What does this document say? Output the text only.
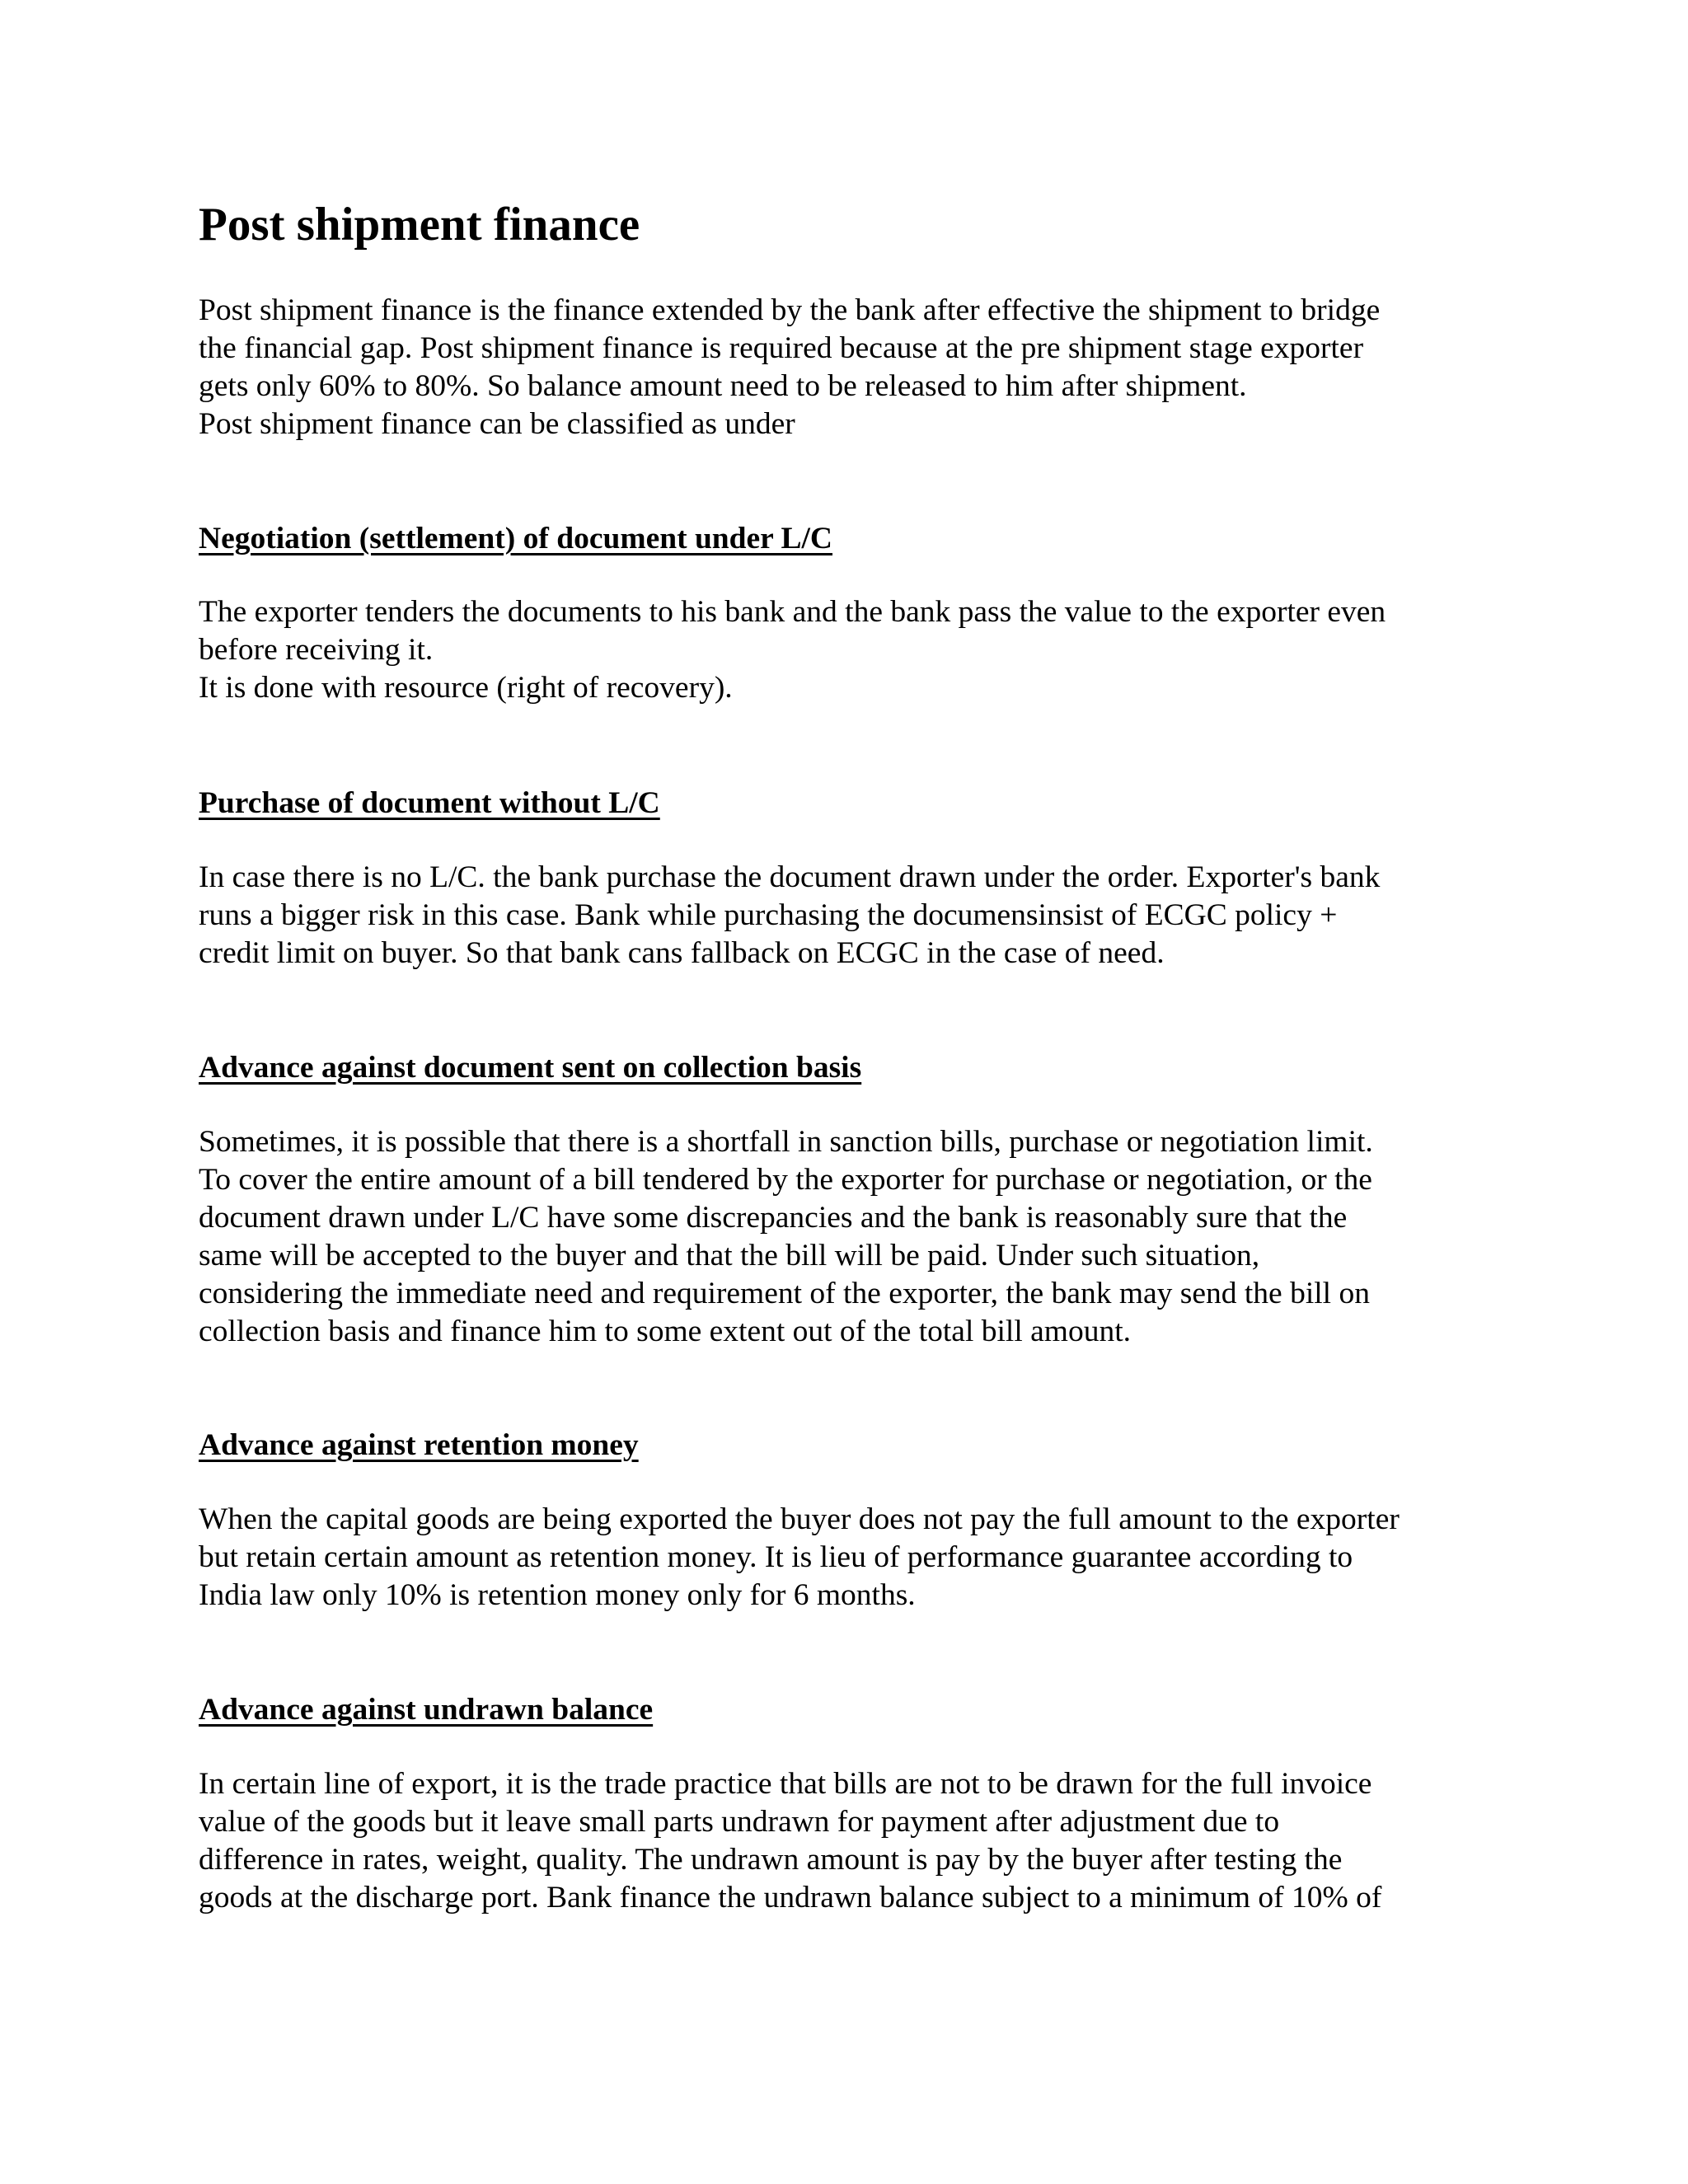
Post shipment finance

Post shipment finance is the finance extended by the bank after effective the shipment to bridge
the financial gap. Post shipment finance is required because at the pre shipment stage exporter
gets only 60% to 80%. So balance amount need to be released to him after shipment.
Post shipment finance can be classified as under

Negotiation (settlement) of document under L/C

The exporter tenders the documents to his bank and the bank pass the value to the exporter even
before receiving it.
It is done with resource (right of recovery).

Purchase of document without L/C

In case there is no L/C. the bank purchase the document drawn under the order. Exporter's bank
runs a bigger risk in this case. Bank while purchasing the documensinsist of ECGC policy +
credit limit on buyer. So that bank cans fallback on ECGC in the case of need.

Advance against document sent on collection basis

Sometimes, it is possible that there is a shortfall in sanction bills, purchase or negotiation limit.
To cover the entire amount of a bill tendered by the exporter for purchase or negotiation, or the
document drawn under L/C have some discrepancies and the bank is reasonably sure that the
same will be accepted to the buyer and that the bill will be paid. Under such situation,
considering the immediate need and requirement of the exporter, the bank may send the bill on
collection basis and finance him to some extent out of the total bill amount.

Advance against retention money

When the capital goods are being exported the buyer does not pay the full amount to the exporter
but retain certain amount as retention money. It is lieu of performance guarantee according to
India law only 10% is retention money only for 6 months.

Advance against undrawn balance

In certain line of export, it is the trade practice that bills are not to be drawn for the full invoice
value of the goods but it leave small parts undrawn for payment after adjustment due to
difference in rates, weight, quality. The undrawn amount is pay by the buyer after testing the
goods at the discharge port. Bank finance the undrawn balance subject to a minimum of 10% of
